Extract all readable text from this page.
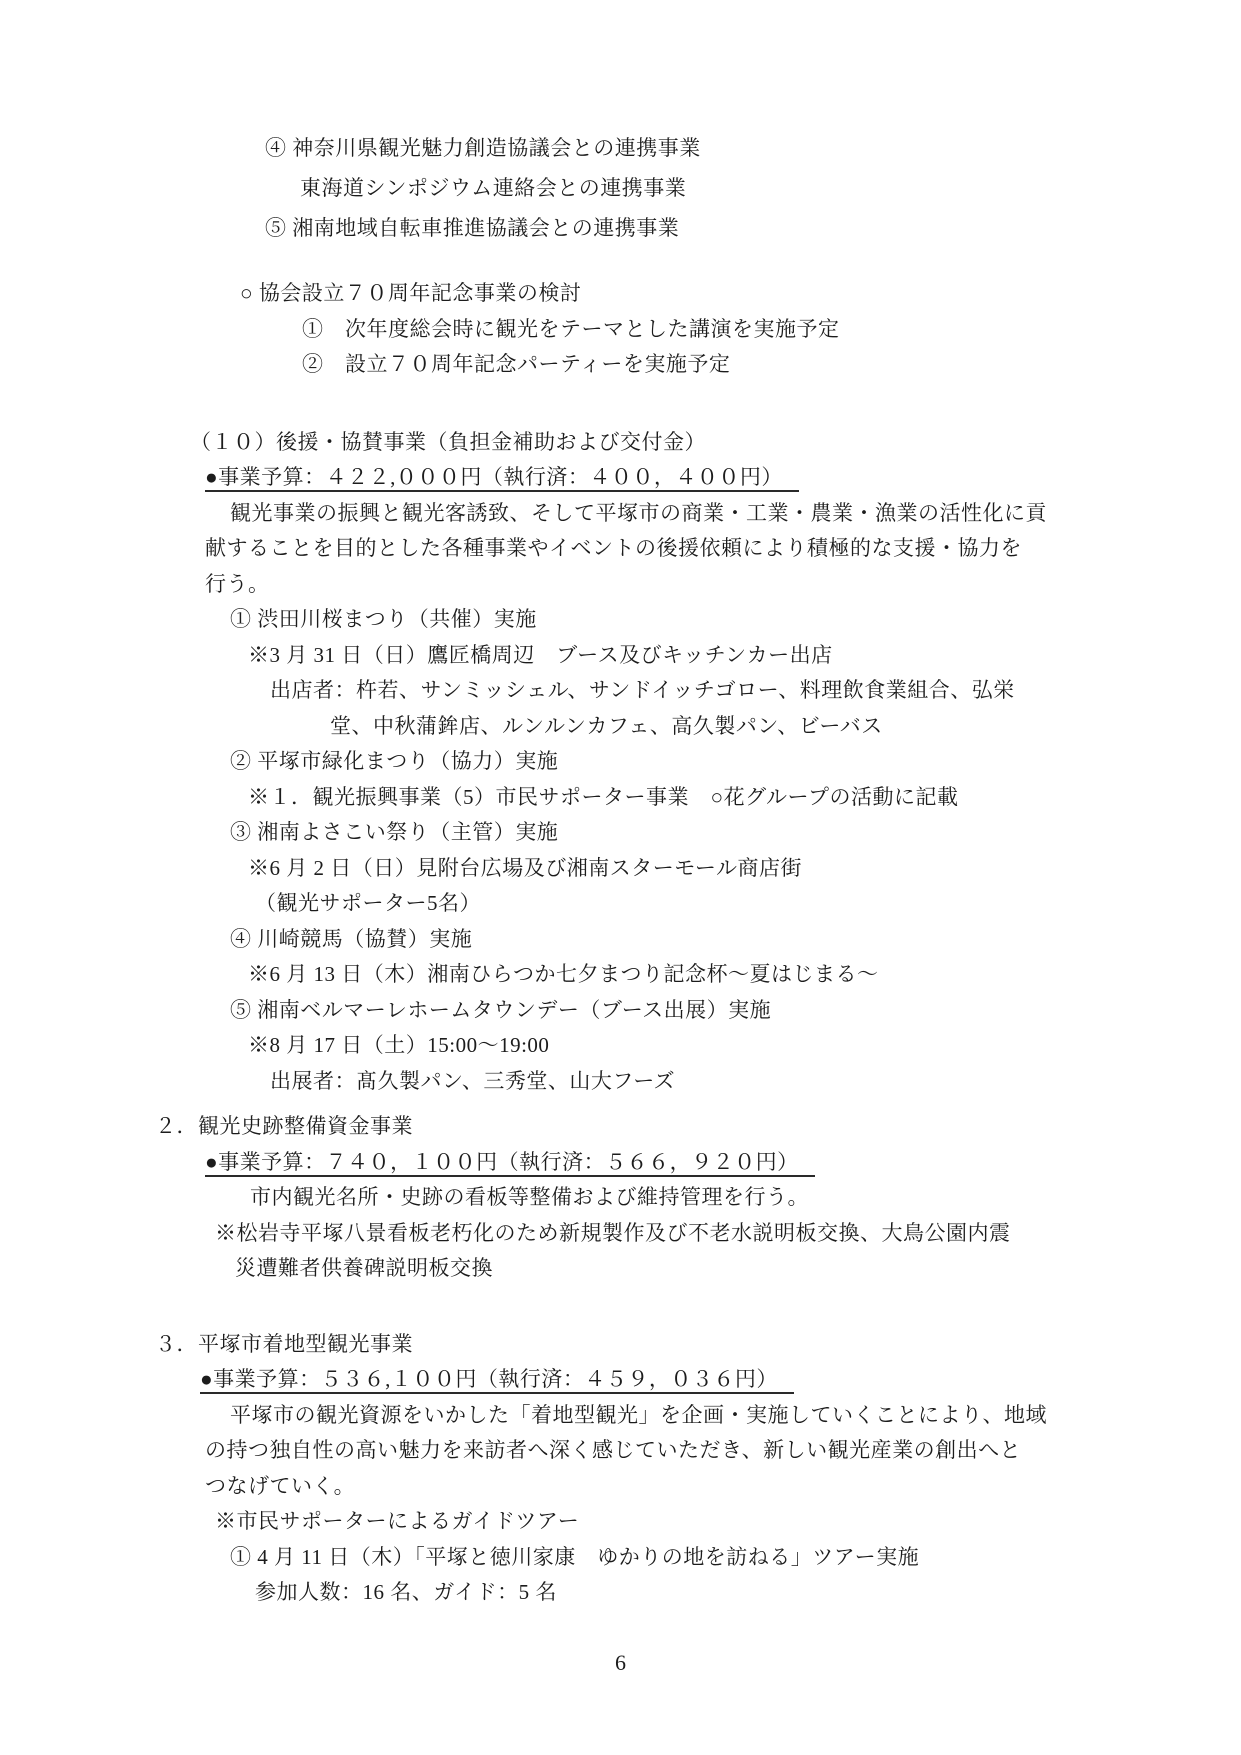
④ 神奈川県観光魅力創造協議会との連携事業
東海道シンポジウム連絡会との連携事業
⑤ 湘南地域自転車推進協議会との連携事業
○ 協会設立７０周年記念事業の検討
①　次年度総会時に観光をテーマとした講演を実施予定
②　設立７０周年記念パーティーを実施予定
（１０）後援・協賛事業（負担金補助および交付金）
●事業予算：４２２,０００円（執行済：４００，４００円）
観光事業の振興と観光客誘致、そして平塚市の商業・工業・農業・漁業の活性化に貢
献することを目的とした各種事業やイベントの後援依頼により積極的な支援・協力を
行う。
① 渋田川桜まつり（共催）実施
※3 月 31 日（日）鷹匠橋周辺　ブース及びキッチンカー出店
出店者：杵若、サンミッシェル、サンドイッチゴロー、料理飲食業組合、弘栄
堂、中秋蒲鉾店、ルンルンカフェ、高久製パン、ビーバス
② 平塚市緑化まつり（協力）実施
※１．観光振興事業（5）市民サポーター事業　○花グループの活動に記載
③ 湘南よさこい祭り（主管）実施
※6 月 2 日（日）見附台広場及び湘南スターモール商店街
（観光サポーター5名）
④ 川崎競馬（協賛）実施
※6 月 13 日（木）湘南ひらつか七夕まつり記念杯～夏はじまる～
⑤ 湘南ベルマーレホームタウンデー（ブース出展）実施
※8 月 17 日（土）15:00～19:00
出展者：髙久製パン、三秀堂、山大フーズ
２．観光史跡整備資金事業
●事業予算：７４０，１００円（執行済：５６６，９２０円）
市内観光名所・史跡の看板等整備および維持管理を行う。
※松岩寺平塚八景看板老朽化のため新規製作及び不老水説明板交換、大鳥公園内震
災遭難者供養碑説明板交換
３．平塚市着地型観光事業
●事業予算：５３６,１００円（執行済：４５９，０３６円）
平塚市の観光資源をいかした「着地型観光」を企画・実施していくことにより、地域
の持つ独自性の高い魅力を来訪者へ深く感じていただき、新しい観光産業の創出へと
つなげていく。
※市民サポーターによるガイドツアー
① 4 月 11 日（木）「平塚と徳川家康　ゆかりの地を訪ねる」ツアー実施
参加人数：16 名、ガイド：5 名
6
